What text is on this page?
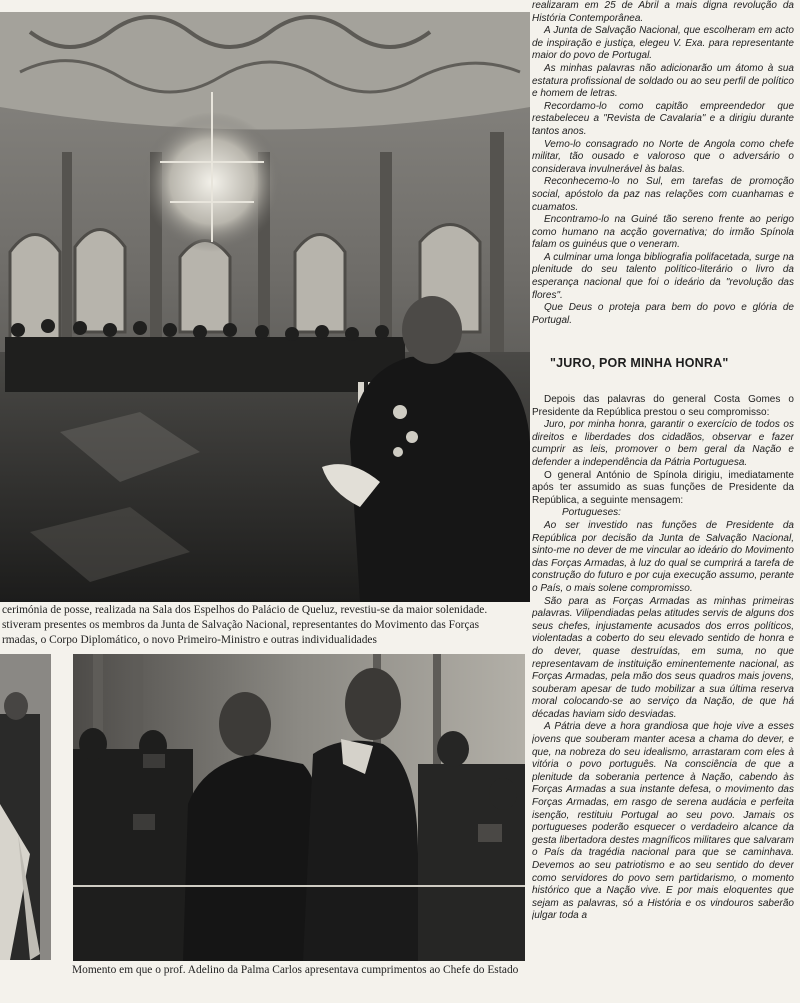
cerimónia de posse, realizada na Sala dos Espelhos do Palácio de Queluz, revestiu-se da maior solenidade.
stiveram presentes os membros da Junta de Salvação Nacional, representantes do Movimento das Forças
rmadas, o Corpo Diplomático, o novo Primeiro-Ministro e outras individualidades
Momento em que o prof. Adelino da Palma Carlos apresentava cumprimentos ao Chefe do Estado

realizaram em 25 de Abril a mais digna revolução da História Contemporânea.

A Junta de Salvação Nacional, que escolheram em acto de inspiração e justiça, elegeu V. Exa. para representante maior do povo de Portugal.

As minhas palavras não adicionarão um átomo à sua estatura profissional de soldado ou ao seu perfil de político e homem de letras.

Recordamo-lo como capitão empreendedor que restabeleceu a "Revista de Cavalaria" e a dirigiu durante tantos anos.

Vemo-lo consagrado no Norte de Angola como chefe militar, tão ousado e valoroso que o adversário o considerava invulnerável às balas.

Reconhecemo-lo no Sul, em tarefas de promoção social, apóstolo da paz nas relações com cuanhamas e cuamatos.

Encontramo-lo na Guiné tão sereno frente ao perigo como humano na acção governativa; do irmão Spínola falam os guinéus que o veneram.

A culminar uma longa bibliografia polifacetada, surge na plenitude do seu talento político-literário o livro da esperança nacional que foi o ideário da "revolução das flores".

Que Deus o proteja para bem do povo e glória de Portugal.

"JURO, POR MINHA HONRA"

Depois das palavras do general Costa Gomes o Presidente da República prestou o seu compromisso:

Juro, por minha honra, garantir o exercício de todos os direitos e liberdades dos cidadãos, observar e fazer cumprir as leis, promover o bem geral da Nação e defender a independência da Pátria Portuguesa.

O general António de Spínola dirigiu, imediatamente após ter assumido as suas funções de Presidente da República, a seguinte mensagem:

Portugueses:

Ao ser investido nas funções de Presidente da República por decisão da Junta de Salvação Nacional, sinto-me no dever de me vincular ao ideário do Movimento das Forças Armadas, à luz do qual se cumprirá a tarefa de construção do futuro e por cuja execução assumo, perante o País, o mais solene compromisso.

São para as Forças Armadas as minhas primeiras palavras. Vilipendiadas pelas atitudes servis de alguns dos seus chefes, injustamente acusados dos erros políticos, violentadas a coberto do seu elevado sentido de honra e do dever, quase destruídas, em suma, no que representavam de instituição eminentemente nacional, as Forças Armadas, pela mão dos seus quadros mais jovens, souberam apesar de tudo mobilizar a sua última reserva moral colocando-se ao serviço da Nação, de que há décadas haviam sido desviadas.

A Pátria deve a hora grandiosa que hoje vive a esses jovens que souberam manter acesa a chama do dever, e que, na nobreza do seu idealismo, arrastaram com eles à vitória o povo português. Na consciência de que a plenitude da soberania pertence à Nação, cabendo às Forças Armadas a sua instante defesa, o movimento das Forças Armadas, em rasgo de serena audácia e perfeita isenção, restituiu Portugal ao seu povo. Jamais os portugueses poderão esquecer o verdadeiro alcance da gesta libertadora destes magníficos militares que salvaram o País da tragédia nacional para que se caminhava. Devemos ao seu patriotismo e ao seu sentido do dever como servidores do povo sem partidarismo, o momento histórico que a Nação vive. E por mais eloquentes que sejam as palavras, só a História e os vindouros saberão julgar toda a
